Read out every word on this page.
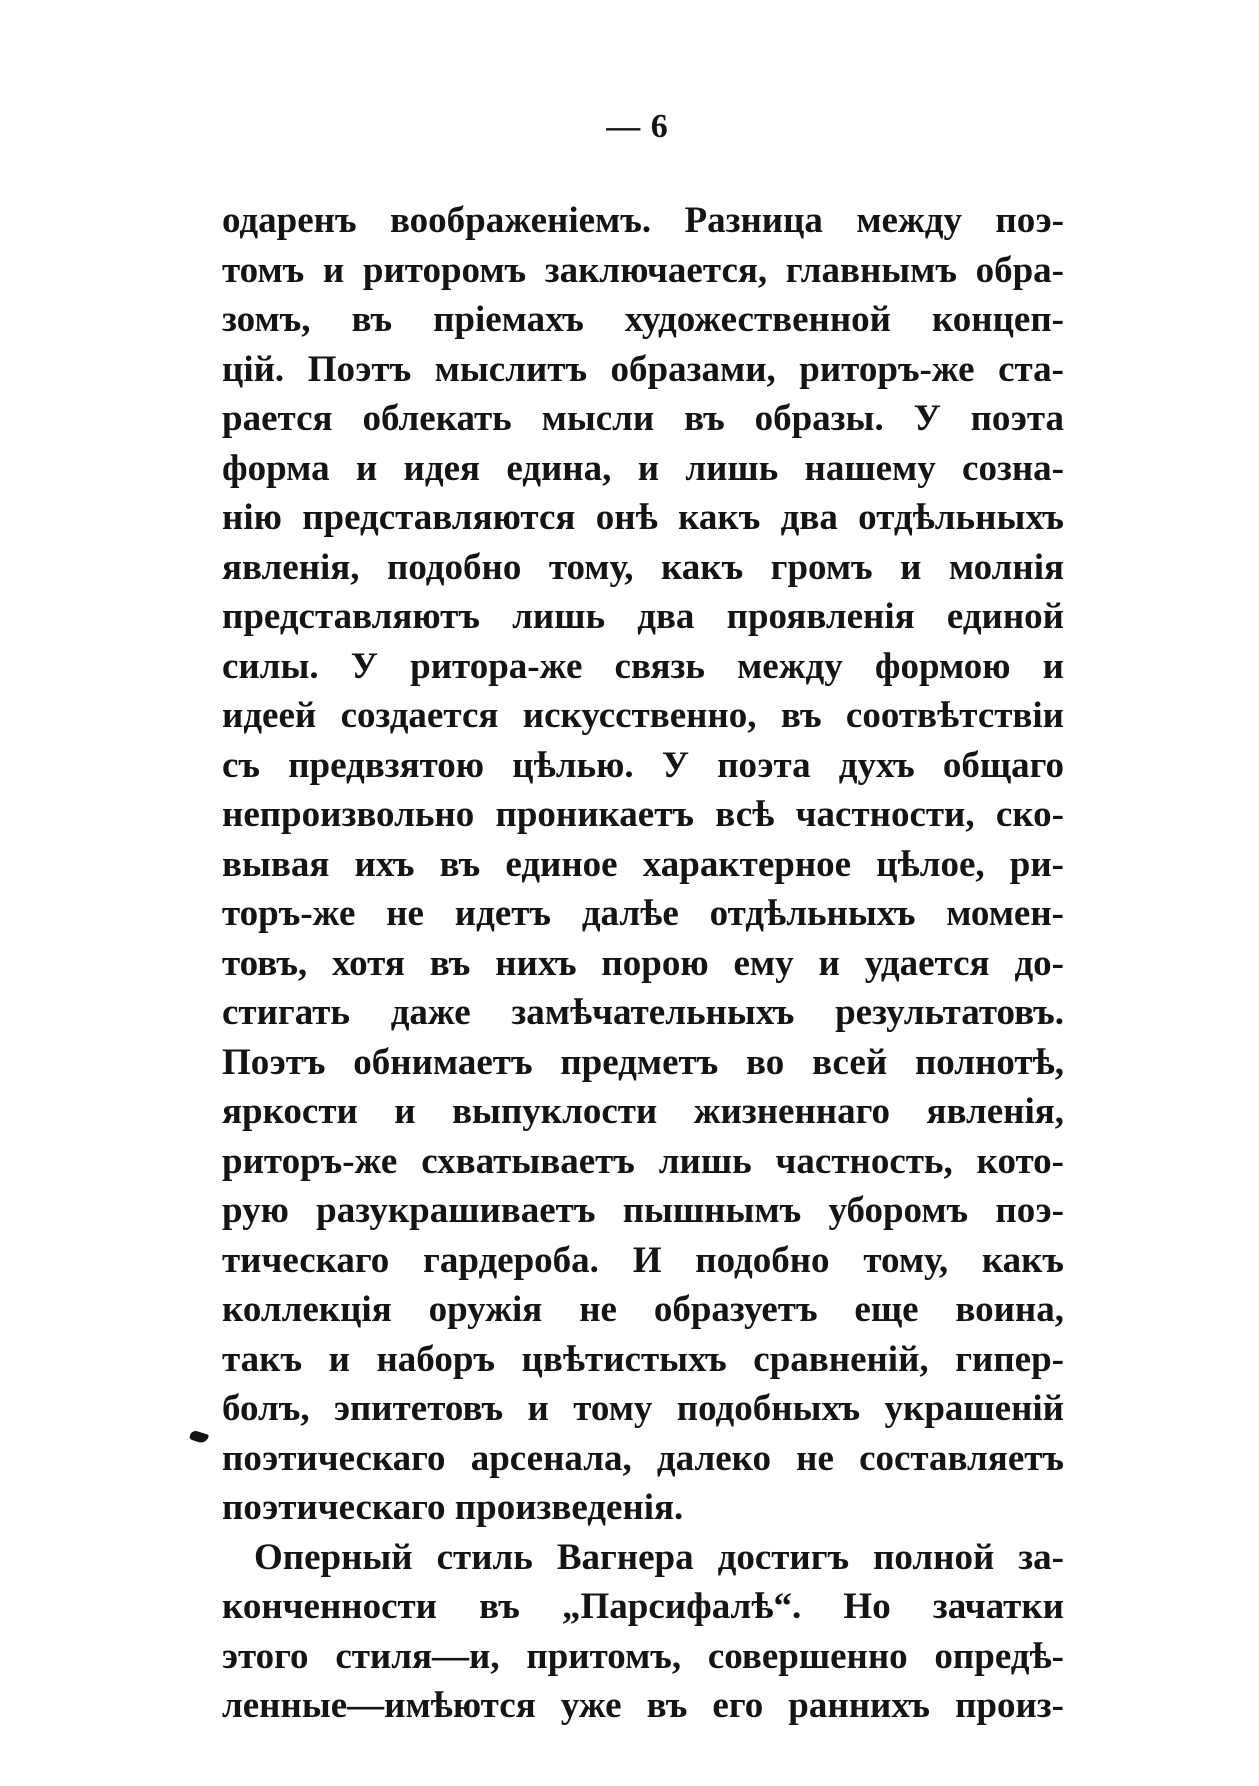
— 6
одаренъ воображеніемъ. Разница между поэ-
томъ и риторомъ заключается, главнымъ обра-
зомъ, въ пріемахъ художественной концеп-
цій. Поэтъ мыслитъ образами, риторъ-же ста-
рается облекать мысли въ образы. У поэта
форма и идея едина, и лишь нашему созна-
нію представляются онѣ какъ два отдѣльныхъ
явленія, подобно тому, какъ громъ и молнія
представляютъ лишь два проявленія единой
силы. У ритора-же связь между формою и
идеей создается искусственно, въ соотвѣтствіи
съ предвзятою цѣлью. У поэта духъ общаго
непроизвольно проникаетъ всѣ частности, ско-
вывая ихъ въ единое характерное цѣлое, ри-
торъ-же не идетъ далѣе отдѣльныхъ момен-
товъ, хотя въ нихъ порою ему и удается до-
стигать даже замѣчательныхъ результатовъ.
Поэтъ обнимаетъ предметъ во всей полнотѣ,
яркости и выпуклости жизненнаго явленія,
риторъ-же схватываетъ лишь частность, кото-
рую разукрашиваетъ пышнымъ уборомъ поэ-
тическаго гардероба. И подобно тому, какъ
коллекція оружія не образуетъ еще воина,
такъ и наборъ цвѣтистыхъ сравненій, гипер-
болъ, эпитетовъ и тому подобныхъ украшеній
поэтическаго арсенала, далеко не составляетъ
поэтическаго произведенія.
Оперный стиль Вагнера достигъ полной за-
конченности въ „Парсифалѣ“. Но зачатки
этого стиля—и, притомъ, совершенно опредѣ-
ленные—имѣются уже въ его раннихъ произ-
